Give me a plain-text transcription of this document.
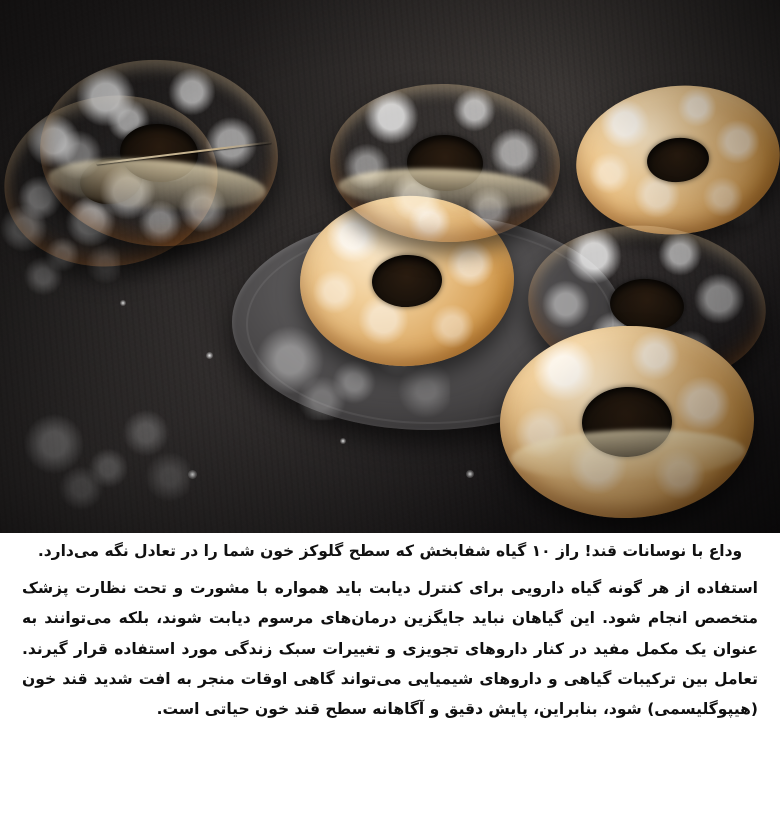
وداع با نوسانات قند! راز ۱۰ گیاه شفابخش که سطح گلوکز خون شما را در تعادل نگه می‌دارد.

استفاده از هر گونه گیاه دارویی برای کنترل دیابت باید همواره با مشورت و تحت نظارت پزشک متخصص انجام شود. این گیاهان نباید جایگزین درمان‌های مرسوم دیابت شوند، بلکه می‌توانند به عنوان یک مکمل مفید در کنار داروهای تجویزی و تغییرات سبک زندگی مورد استفاده قرار گیرند. تعامل بین ترکیبات گیاهی و داروهای شیمیایی می‌تواند گاهی اوقات منجر به افت شدید قند خون (هیپوگلیسمی) شود، بنابراین، پایش دقیق و آگاهانه سطح قند خون حیاتی است.
